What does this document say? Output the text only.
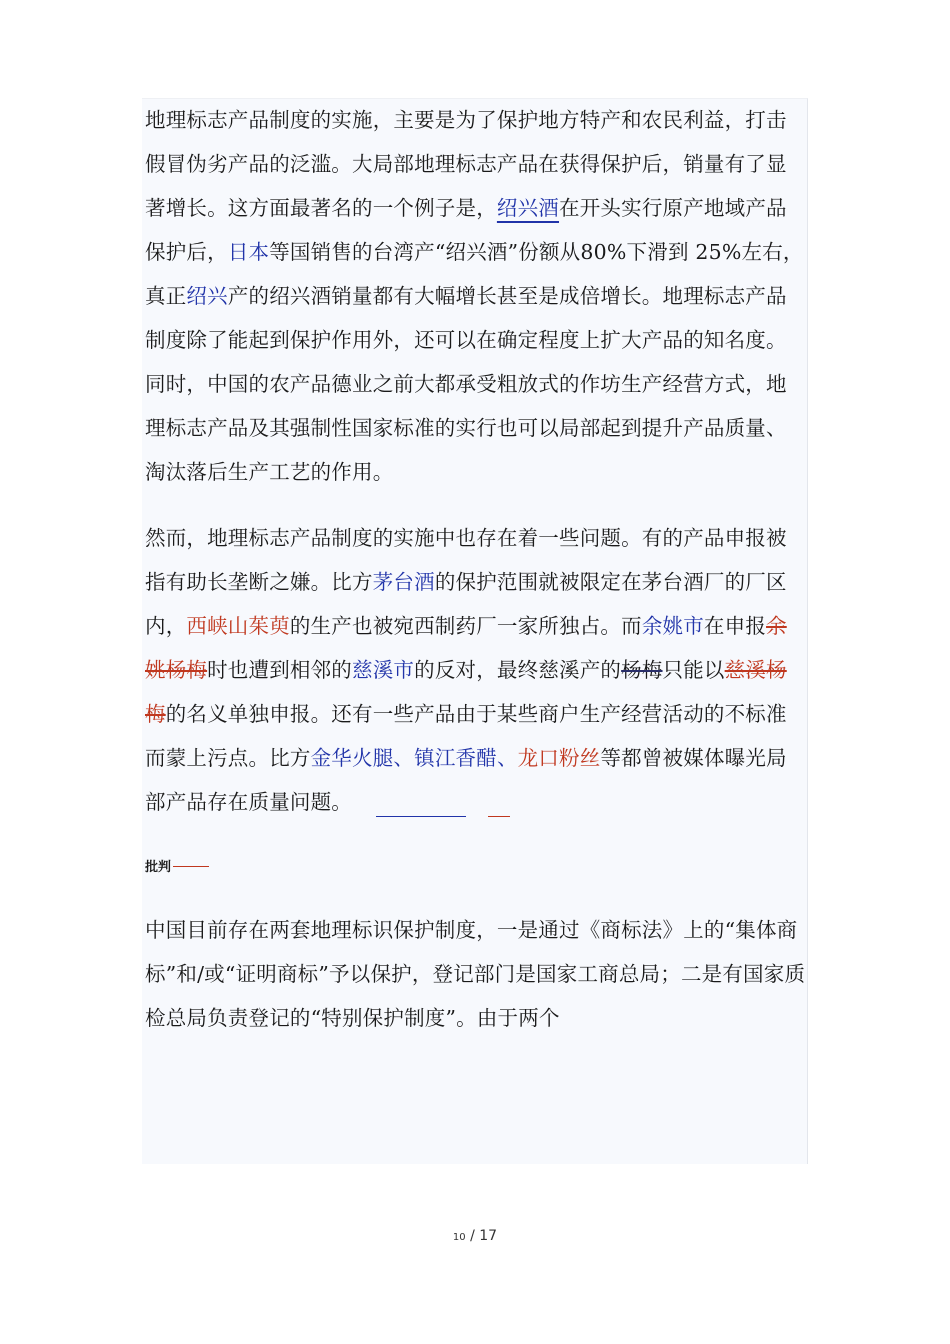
地理标志产品制度的实施，主要是为了保护地方特产和农民利益，打击假冒伪劣产品的泛滥。大局部地理标志产品在获得保护后，销量有了显著增长。这方面最著名的一个例子是，绍兴酒在开头实行原产地域产品保护后，日本等国销售的台湾产“绍兴酒”份额从80%下滑到 25%左右，真正绍兴产的绍兴酒销量都有大幅增长甚至是成倍增长。地理标志产品制度除了能起到保护作用外，还可以在确定程度上扩大产品的知名度。同时，中国的农产品德业之前大都承受粗放式的作坊生产经营方式，地理标志产品及其强制性国家标准的实行也可以局部起到提升产品质量、淘汰落后生产工艺的作用。

然而，地理标志产品制度的实施中也存在着一些问题。有的产品申报被指有助长垄断之嫌。比方茅台酒的保护范围就被限定在茅台酒厂的厂区内，西峡山茱萸的生产也被宛西制药厂一家所独占。而余姚市在申报余姚杨梅时也遭到相邻的慈溪市的反对，最终慈溪产的杨梅只能以慈溪杨梅的名义单独申报。还有一些产品由于某些商户生产经营活动的不标准而蒙上污点。比方金华火腿、镇江香醋、龙口粉丝等都曾被媒体曝光局部产品存在质量问题。

批判

中国目前存在两套地理标识保护制度，一是通过《商标法》上的“集体商标”和/或“证明商标”予以保护，登记部门是国家工商总局；二是有国家质检总局负责登记的“特别保护制度”。由于两个

10 / 17
